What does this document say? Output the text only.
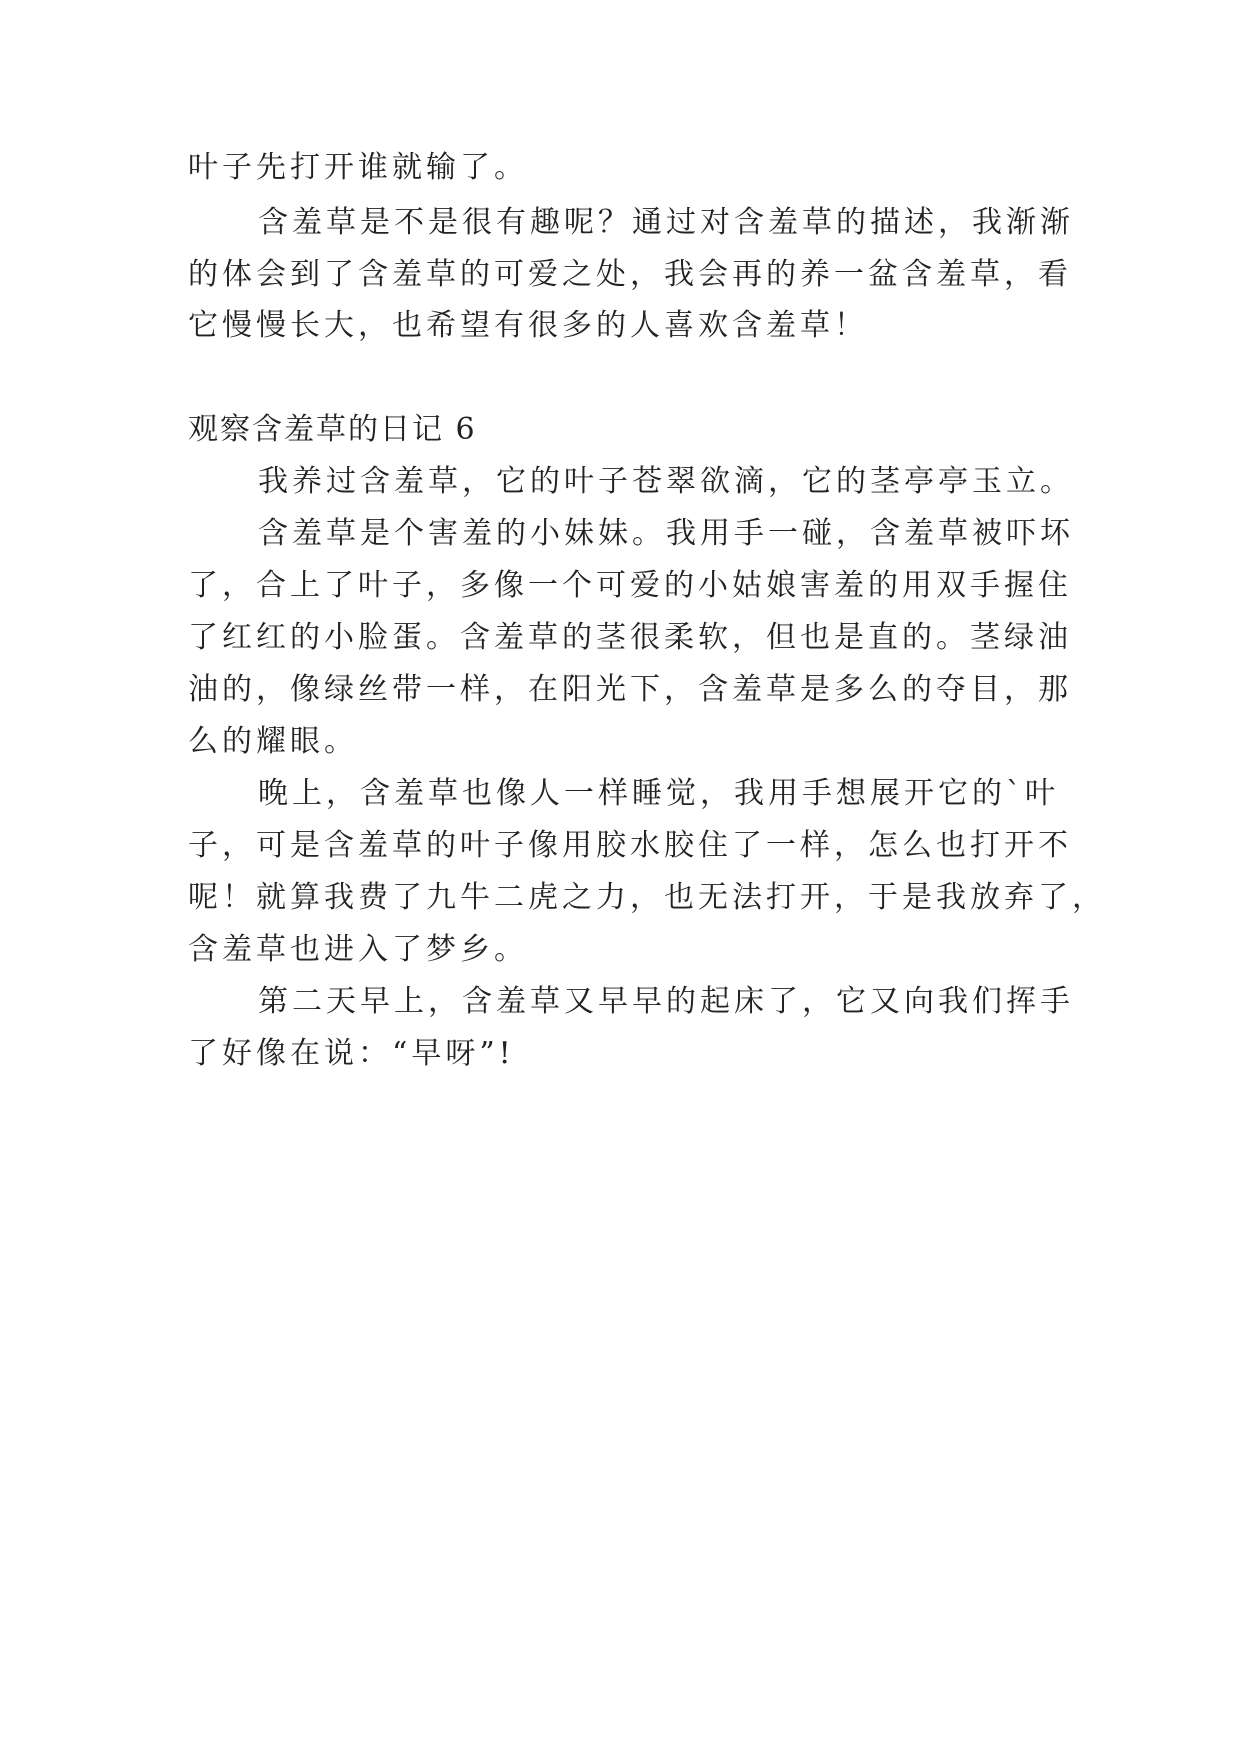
叶子先打开谁就输了。

含羞草是不是很有趣呢？通过对含羞草的描述，我渐渐

的体会到了含羞草的可爱之处，我会再的养一盆含羞草，看

它慢慢长大，也希望有很多的人喜欢含羞草！

观察含羞草的日记 6

我养过含羞草，它的叶子苍翠欲滴，它的茎亭亭玉立。

含羞草是个害羞的小妹妹。我用手一碰，含羞草被吓坏

了，合上了叶子，多像一个可爱的小姑娘害羞的用双手握住

了红红的小脸蛋。含羞草的茎很柔软，但也是直的。茎绿油

油的，像绿丝带一样，在阳光下，含羞草是多么的夺目，那

么的耀眼。

晚上，含羞草也像人一样睡觉，我用手想展开它的`叶

子，可是含羞草的叶子像用胶水胶住了一样，怎么也打开不

呢！就算我费了九牛二虎之力，也无法打开，于是我放弃了，

含羞草也进入了梦乡。

第二天早上，含羞草又早早的起床了，它又向我们挥手

了好像在说：“早呀”!
